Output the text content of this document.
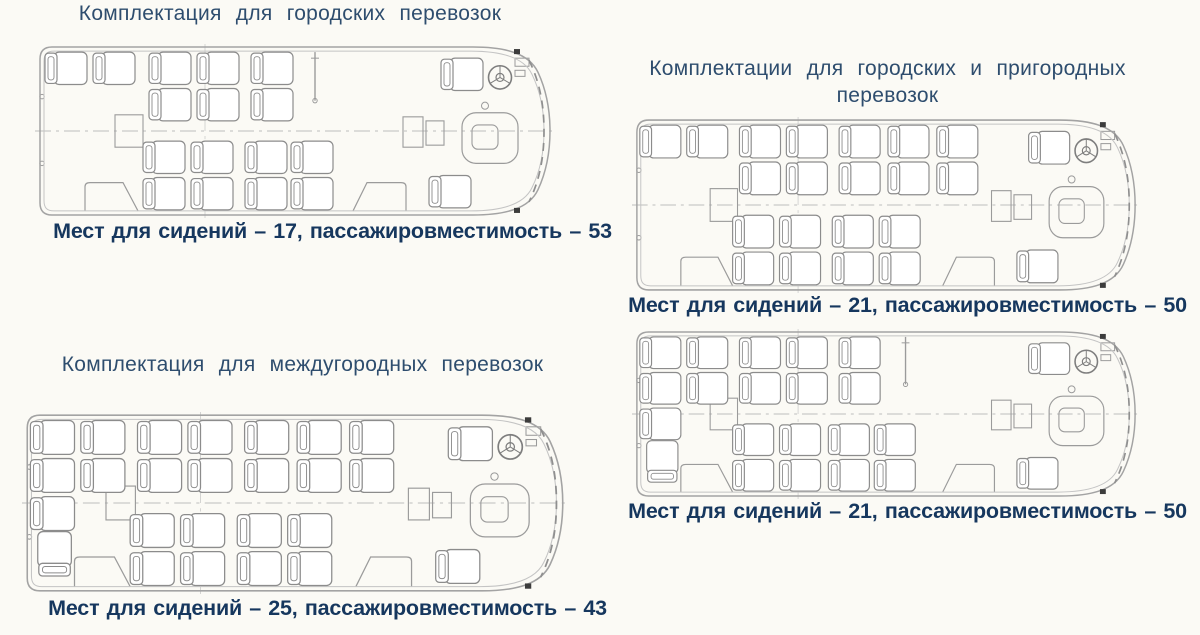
Комплектация для городских перевозок
Мест для сидений – 17, пассажировместимость – 53
Комплектации для городских и пригородных перевозок
Мест для сидений – 21, пассажировместимость – 50
Мест для сидений – 21, пассажировместимость – 50
Комплектация для междугородных перевозок
Мест для сидений – 25, пассажировместимость – 43
